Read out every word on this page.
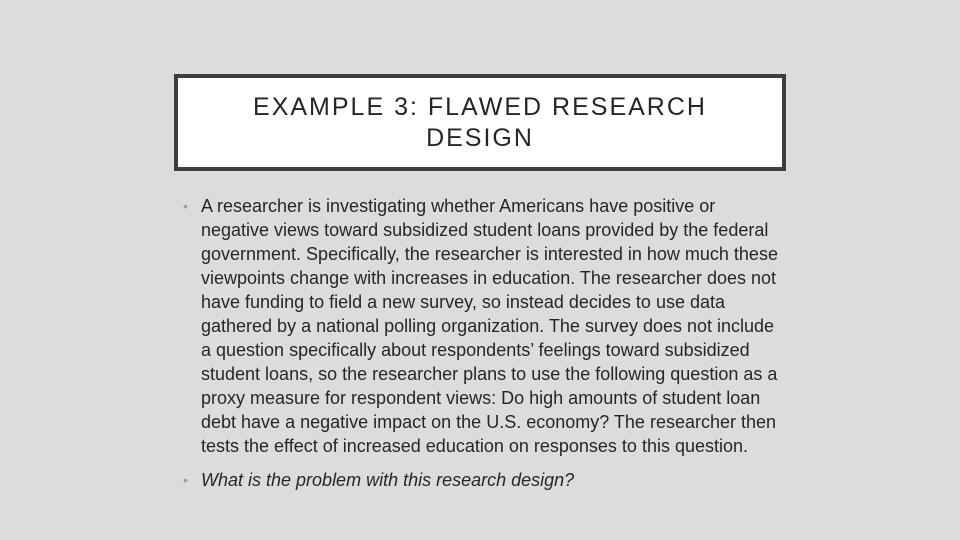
EXAMPLE 3: FLAWED RESEARCH DESIGN
• A researcher is investigating whether Americans have positive or negative views toward subsidized student loans provided by the federal government. Specifically, the researcher is interested in how much these viewpoints change with increases in education. The researcher does not have funding to field a new survey, so instead decides to use data gathered by a national polling organization. The survey does not include a question specifically about respondents’ feelings toward subsidized student loans, so the researcher plans to use the following question as a proxy measure for respondent views: Do high amounts of student loan debt have a negative impact on the U.S. economy? The researcher then tests the effect of increased education on responses to this question.
• What is the problem with this research design?
